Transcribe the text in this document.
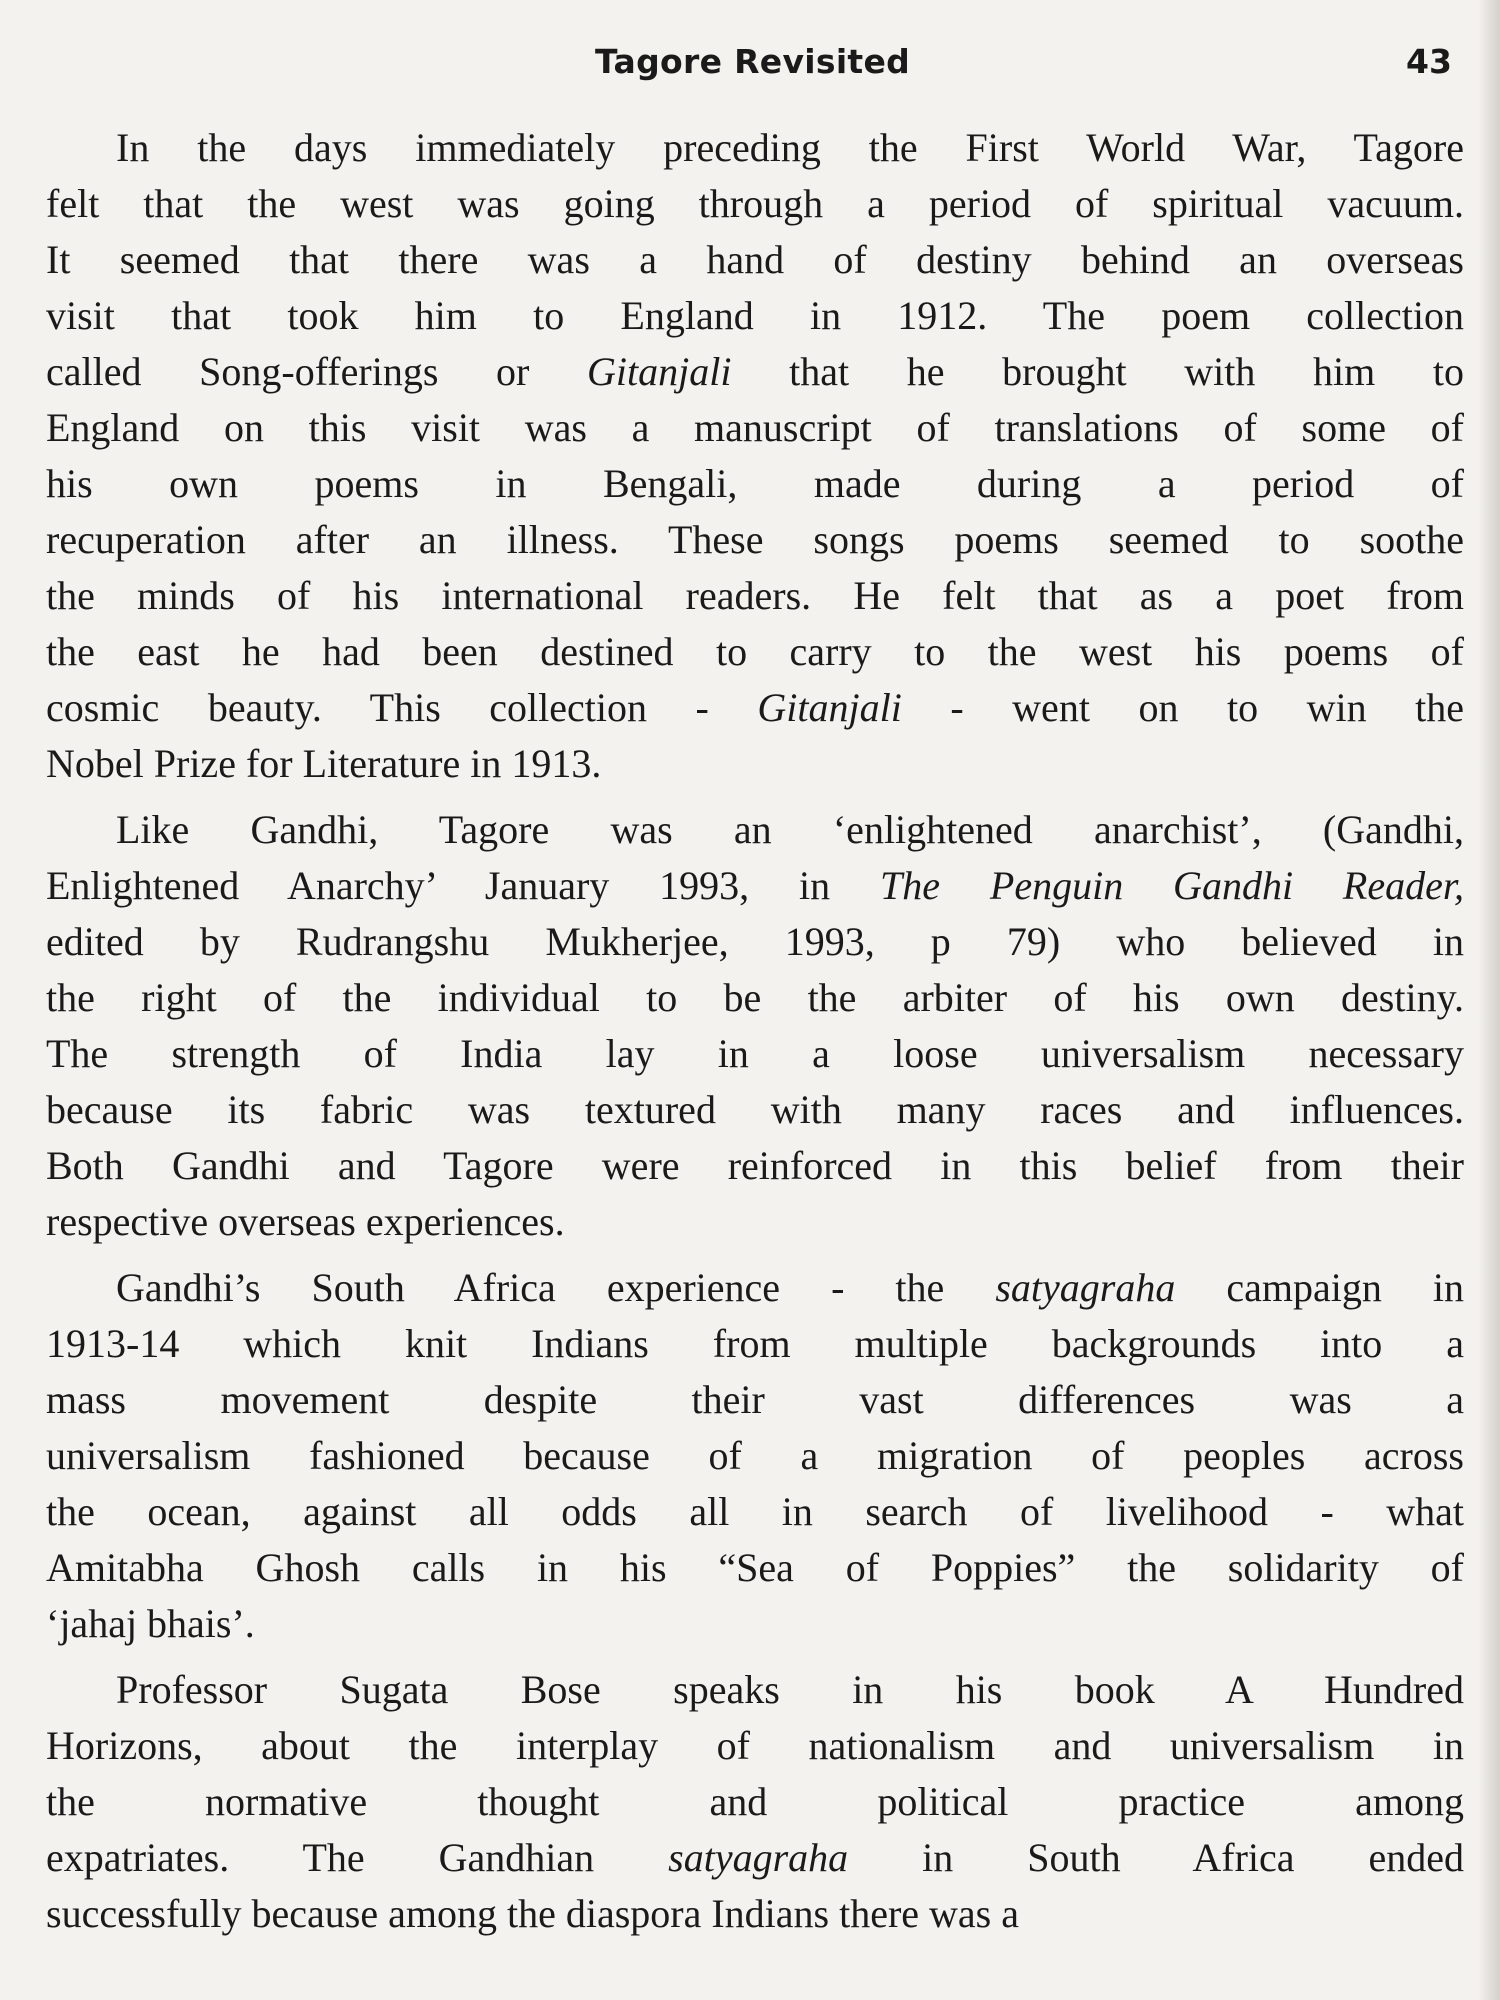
Tagore Revisited	43
In the days immediately preceding the First World War, Tagore
felt that the west was going through a period of spiritual vacuum.
It seemed that there was a hand of destiny behind an overseas
visit that took him to England in 1912. The poem collection
called Song-offerings or Gitanjali that he brought with him to
England on this visit was a manuscript of translations of some of
his own poems in Bengali, made during a period of
recuperation after an illness. These songs poems seemed to soothe
the minds of his international readers. He felt that as a poet from
the east he had been destined to carry to the west his poems of
cosmic beauty. This collection - Gitanjali - went on to win the
Nobel Prize for Literature in 1913.
Like Gandhi, Tagore was an ‘enlightened anarchist’, (Gandhi,
Enlightened Anarchy’ January 1993, in The Penguin Gandhi Reader,
edited by Rudrangshu Mukherjee, 1993, p 79) who believed in
the right of the individual to be the arbiter of his own destiny.
The strength of India lay in a loose universalism necessary
because its fabric was textured with many races and influences.
Both Gandhi and Tagore were reinforced in this belief from their
respective overseas experiences.
Gandhi’s South Africa experience - the satyagraha campaign in
1913-14 which knit Indians from multiple backgrounds into a
mass movement despite their vast differences was a
universalism fashioned because of a migration of peoples across
the ocean, against all odds all in search of livelihood - what
Amitabha Ghosh calls in his “Sea of Poppies” the solidarity of
‘jahaj bhais’.
Professor Sugata Bose speaks in his book A Hundred
Horizons, about the interplay of nationalism and universalism in
the normative thought and political practice among
expatriates. The Gandhian satyagraha in South Africa ended
successfully because among the diaspora Indians there was a
